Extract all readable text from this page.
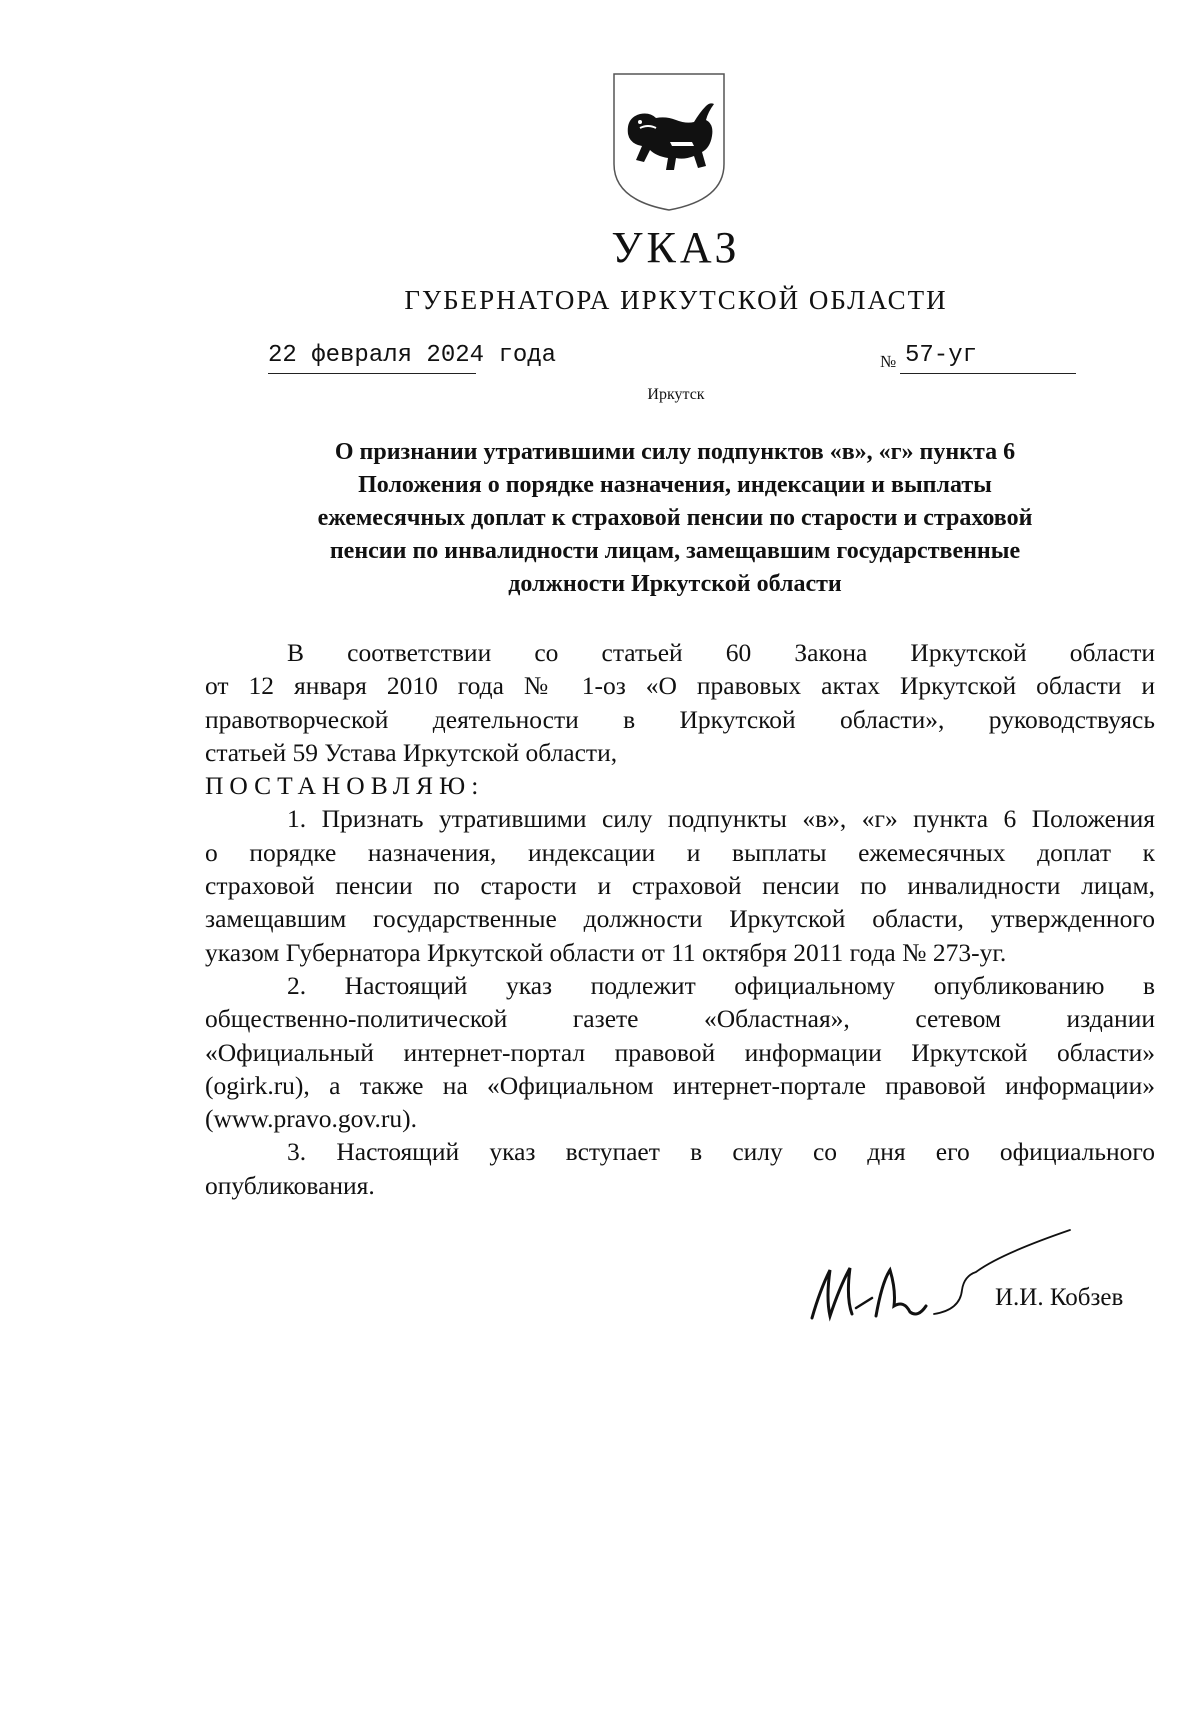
УКАЗ
ГУБЕРНАТОРА ИРКУТСКОЙ ОБЛАСТИ
22 февраля 2024 года	№ 57-уг
Иркутск
О признании утратившими силу подпунктов «в», «г» пункта 6
Положения о порядке назначения, индексации и выплаты
ежемесячных доплат к страховой пенсии по старости и страховой
пенсии по инвалидности лицам, замещавшим государственные
должности Иркутской области
В соответствии со статьей 60 Закона Иркутской области
от 12 января 2010 года № 1-оз «О правовых актах Иркутской области и
правотворческой деятельности в Иркутской области», руководствуясь
статьей 59 Устава Иркутской области,
ПОСТАНОВЛЯЮ:
1. Признать утратившими силу подпункты «в», «г» пункта 6 Положения
о порядке назначения, индексации и выплаты ежемесячных доплат к
страховой пенсии по старости и страховой пенсии по инвалидности лицам,
замещавшим государственные должности Иркутской области, утвержденного
указом Губернатора Иркутской области от 11 октября 2011 года № 273-уг.
2. Настоящий указ подлежит официальному опубликованию в
общественно-политической газете «Областная», сетевом издании
«Официальный интернет-портал правовой информации Иркутской области»
(ogirk.ru), а также на «Официальном интернет-портале правовой информации»
(www.pravo.gov.ru).
3. Настоящий указ вступает в силу со дня его официального
опубликования.
И.И. Кобзев
